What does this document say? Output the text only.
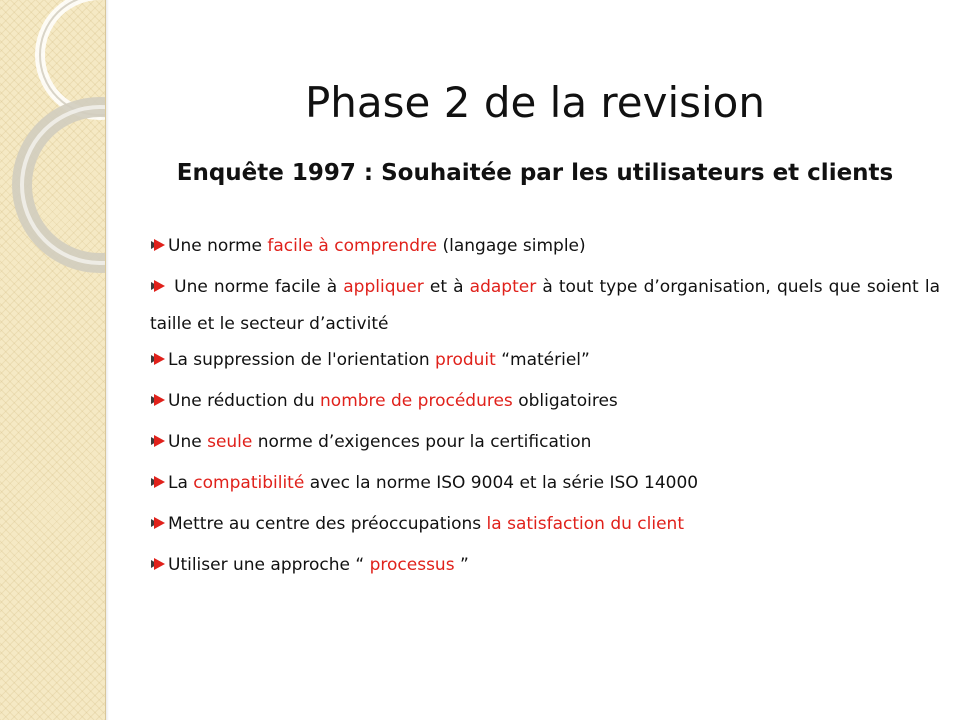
Phase 2 de la revision
Enquête 1997 : Souhaitée par les utilisateurs et clients
Une norme facile à comprendre (langage simple)
Une norme facile à appliquer et à adapter à tout type d’organisation, quels que soient la taille et le secteur d’activité
La suppression de l'orientation produit “matériel”
Une réduction du nombre de procédures obligatoires
Une seule norme d’exigences pour la certification
La compatibilité avec la norme ISO 9004 et la série ISO 14000
Mettre au centre des préoccupations la satisfaction du client
Utiliser une approche “ processus ”
